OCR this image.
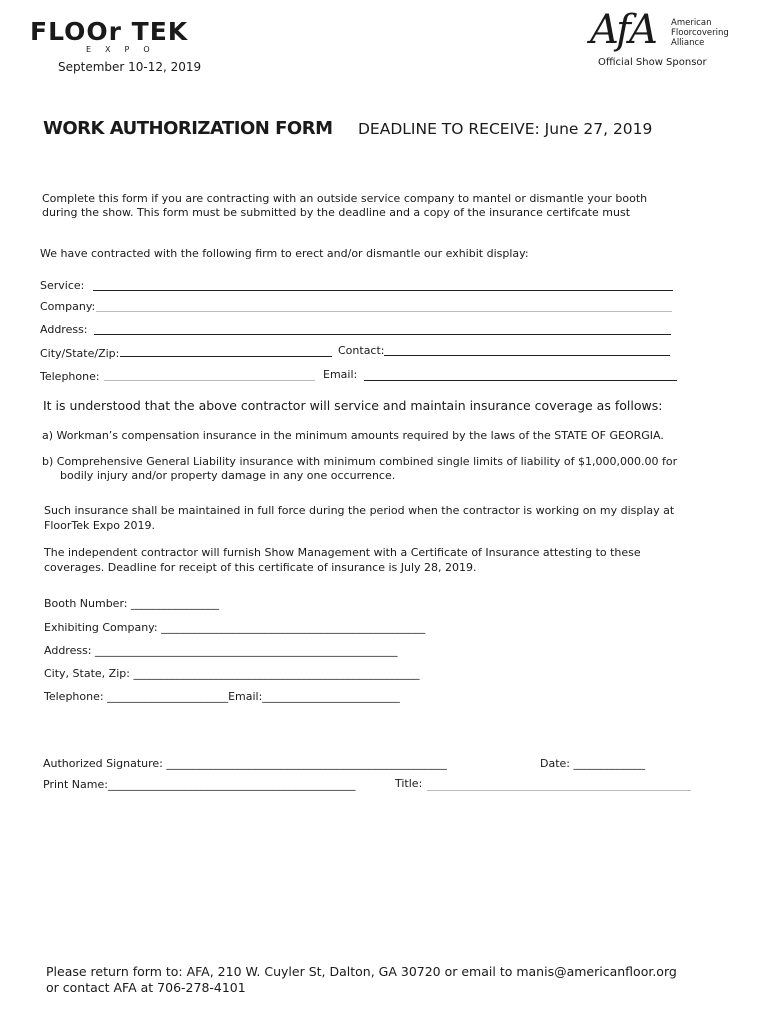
FLOOr TEK
EXPO
September 10-12, 2019
AfA American
Floorcovering
Alliance
Official Show Sponsor
WORK AUTHORIZATION FORM DEADLINE TO RECEIVE: June 27, 2019
Complete this form if you are contracting with an outside service company to mantel or dismantle your booth during the show. This form must be submitted by the deadline and a copy of the insurance certifcate must
We have contracted with the following firm to erect and/or dismantle our exhibit display:
Service:
Company:
Address:
City/State/Zip:	Contact:
Telephone:	Email:
It is understood that the above contractor will service and maintain insurance coverage as follows:
a) Workman’s compensation insurance in the minimum amounts required by the laws of the STATE OF GEORGIA.
b) Comprehensive General Liability insurance with minimum combined single limits of liability of $1,000,000.00 for
bodily injury and/or property damage in any one occurrence.
Such insurance shall be maintained in full force during the period when the contractor is working on my display at FloorTek Expo 2019.
The independent contractor will furnish Show Management with a Certificate of Insurance attesting to these coverages. Deadline for receipt of this certificate of insurance is July 28, 2019.
Booth Number: ________________
Exhibiting Company: ________________________________________________
Address: _______________________________________________________
City, State, Zip: ____________________________________________________
Telephone: ______________________Email:_________________________
Authorized Signature: ___________________________________________________	Date: _____________
Print Name:_____________________________________________	Title:
Please return form to: AFA, 210 W. Cuyler St, Dalton, GA 30720 or email to manis@americanfloor.org
or contact AFA at 706-278-4101
